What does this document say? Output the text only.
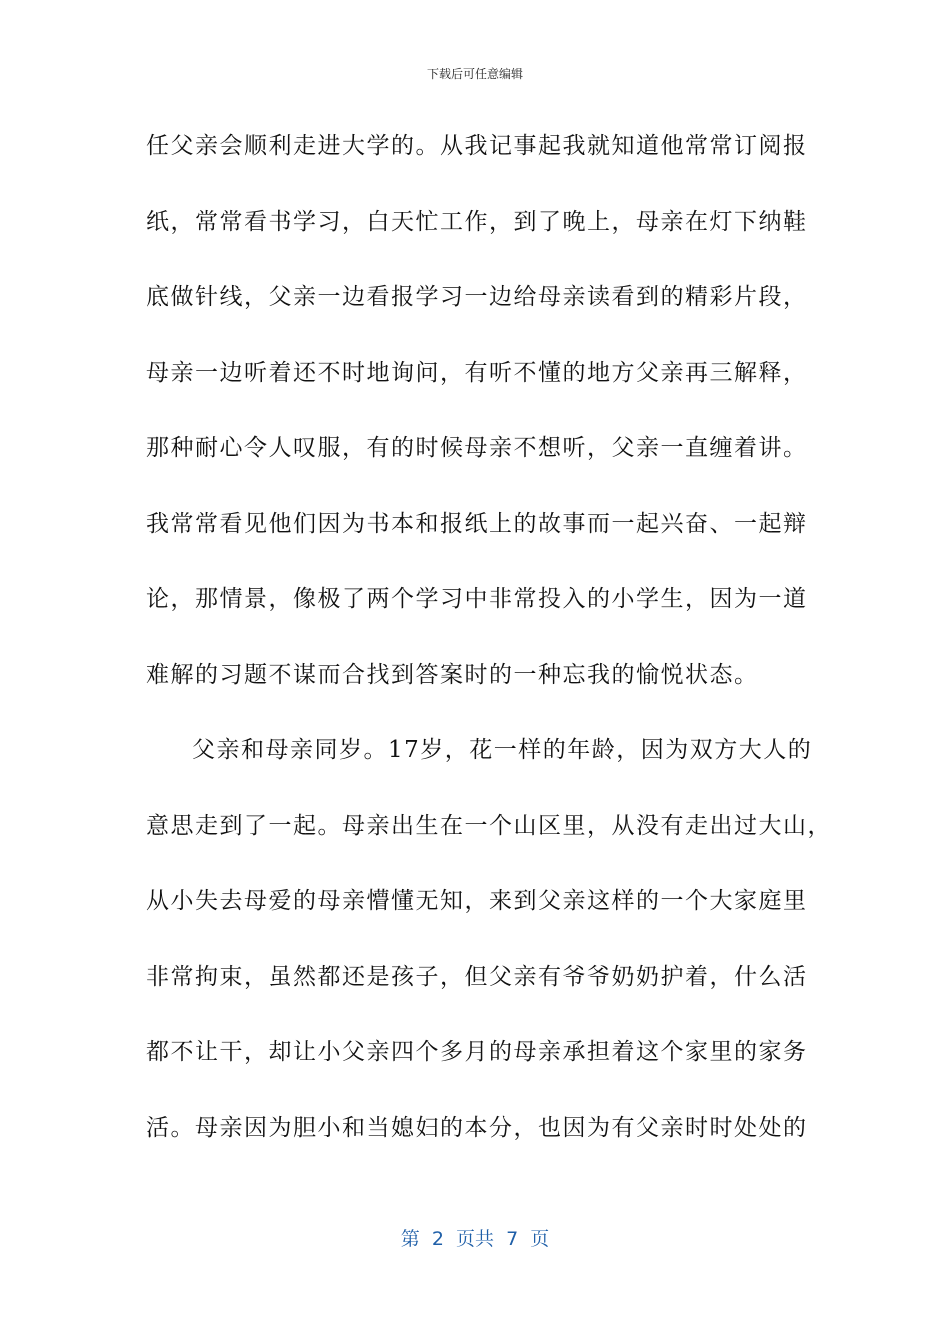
下载后可任意编辑
任父亲会顺利走进大学的。从我记事起我就知道他常常订阅报
纸，常常看书学习，白天忙工作，到了晚上，母亲在灯下纳鞋
底做针线，父亲一边看报学习一边给母亲读看到的精彩片段，
母亲一边听着还不时地询问，有听不懂的地方父亲再三解释，
那种耐心令人叹服，有的时候母亲不想听，父亲一直缠着讲。
我常常看见他们因为书本和报纸上的故事而一起兴奋、一起辩
论，那情景，像极了两个学习中非常投入的小学生，因为一道
难解的习题不谋而合找到答案时的一种忘我的愉悦状态。
父亲和母亲同岁。17岁，花一样的年龄，因为双方大人的
意思走到了一起。母亲出生在一个山区里，从没有走出过大山，
从小失去母爱的母亲懵懂无知，来到父亲这样的一个大家庭里
非常拘束，虽然都还是孩子，但父亲有爷爷奶奶护着，什么活
都不让干，却让小父亲四个多月的母亲承担着这个家里的家务
活。母亲因为胆小和当媳妇的本分，也因为有父亲时时处处的
第  2  页共  7  页
